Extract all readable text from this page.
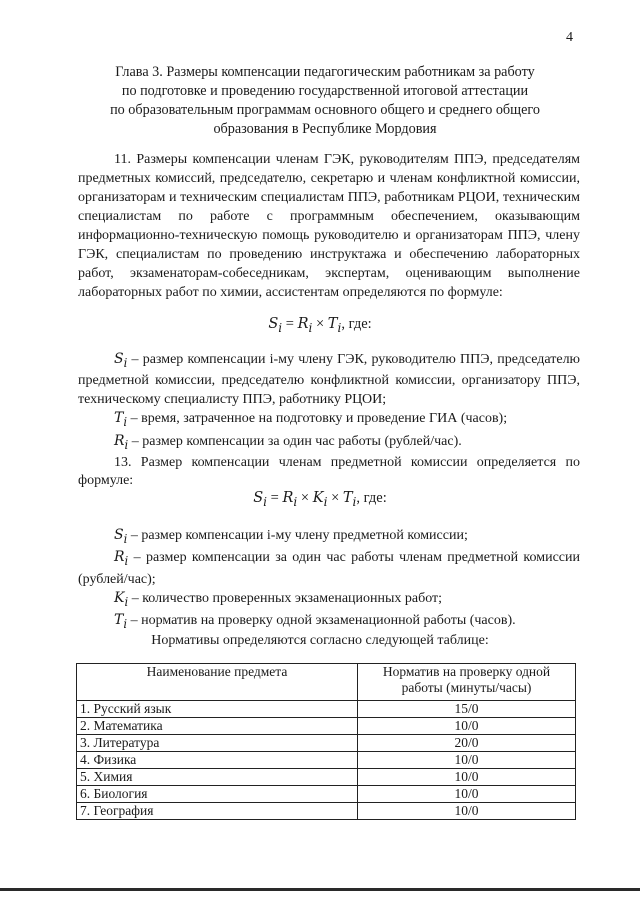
4
Глава 3. Размеры компенсации педагогическим работникам за работу
по подготовке и проведению государственной итоговой аттестации
по образовательным программам основного общего и среднего общего
образования в Республике Мордовия

11. Размеры компенсации членам ГЭК, руководителям ППЭ, председателям предметных комиссий, председателю, секретарю и членам конфликтной комиссии, организаторам и техническим специалистам ППЭ, работникам РЦОИ, техническим специалистам по работе с программным обеспечением, оказывающим информационно-техническую помощь руководителю и организаторам ППЭ, члену ГЭК, специалистам по проведению инструктажа и обеспечению лабораторных работ, экзаменаторам-собеседникам, экспертам, оценивающим выполнение лабораторных работ по химии, ассистентам определяются по формуле:

$S_i = R_i \times T_i$, где:

$S_i$ – размер компенсации i-му члену ГЭК, руководителю ППЭ, председателю предметной комиссии, председателю конфликтной комиссии, организатору ППЭ, техническому специалисту ППЭ, работнику РЦОИ;

$T_i$ – время, затраченное на подготовку и проведение ГИА (часов);

$R_i$ – размер компенсации за один час работы (рублей/час).

13. Размер компенсации членам предметной комиссии определяется по формуле:

$S_i = R_i \times K_i \times T_i$, где:

$S_i$ – размер компенсации i-му члену предметной комиссии;

$R_i$ – размер компенсации за один час работы членам предметной комиссии (рублей/час);

$K_i$ – количество проверенных экзаменационных работ;

$T_i$ – норматив на проверку одной экзаменационной работы (часов).

Нормативы определяются согласно следующей таблице:
Наименование предмета	Норматив на проверку одной работы (минуты/часы)
1. Русский язык	15/0
2. Математика	10/0
3. Литература	20/0
4. Физика	10/0
5. Химия	10/0
6. Биология	10/0
7. География	10/0
